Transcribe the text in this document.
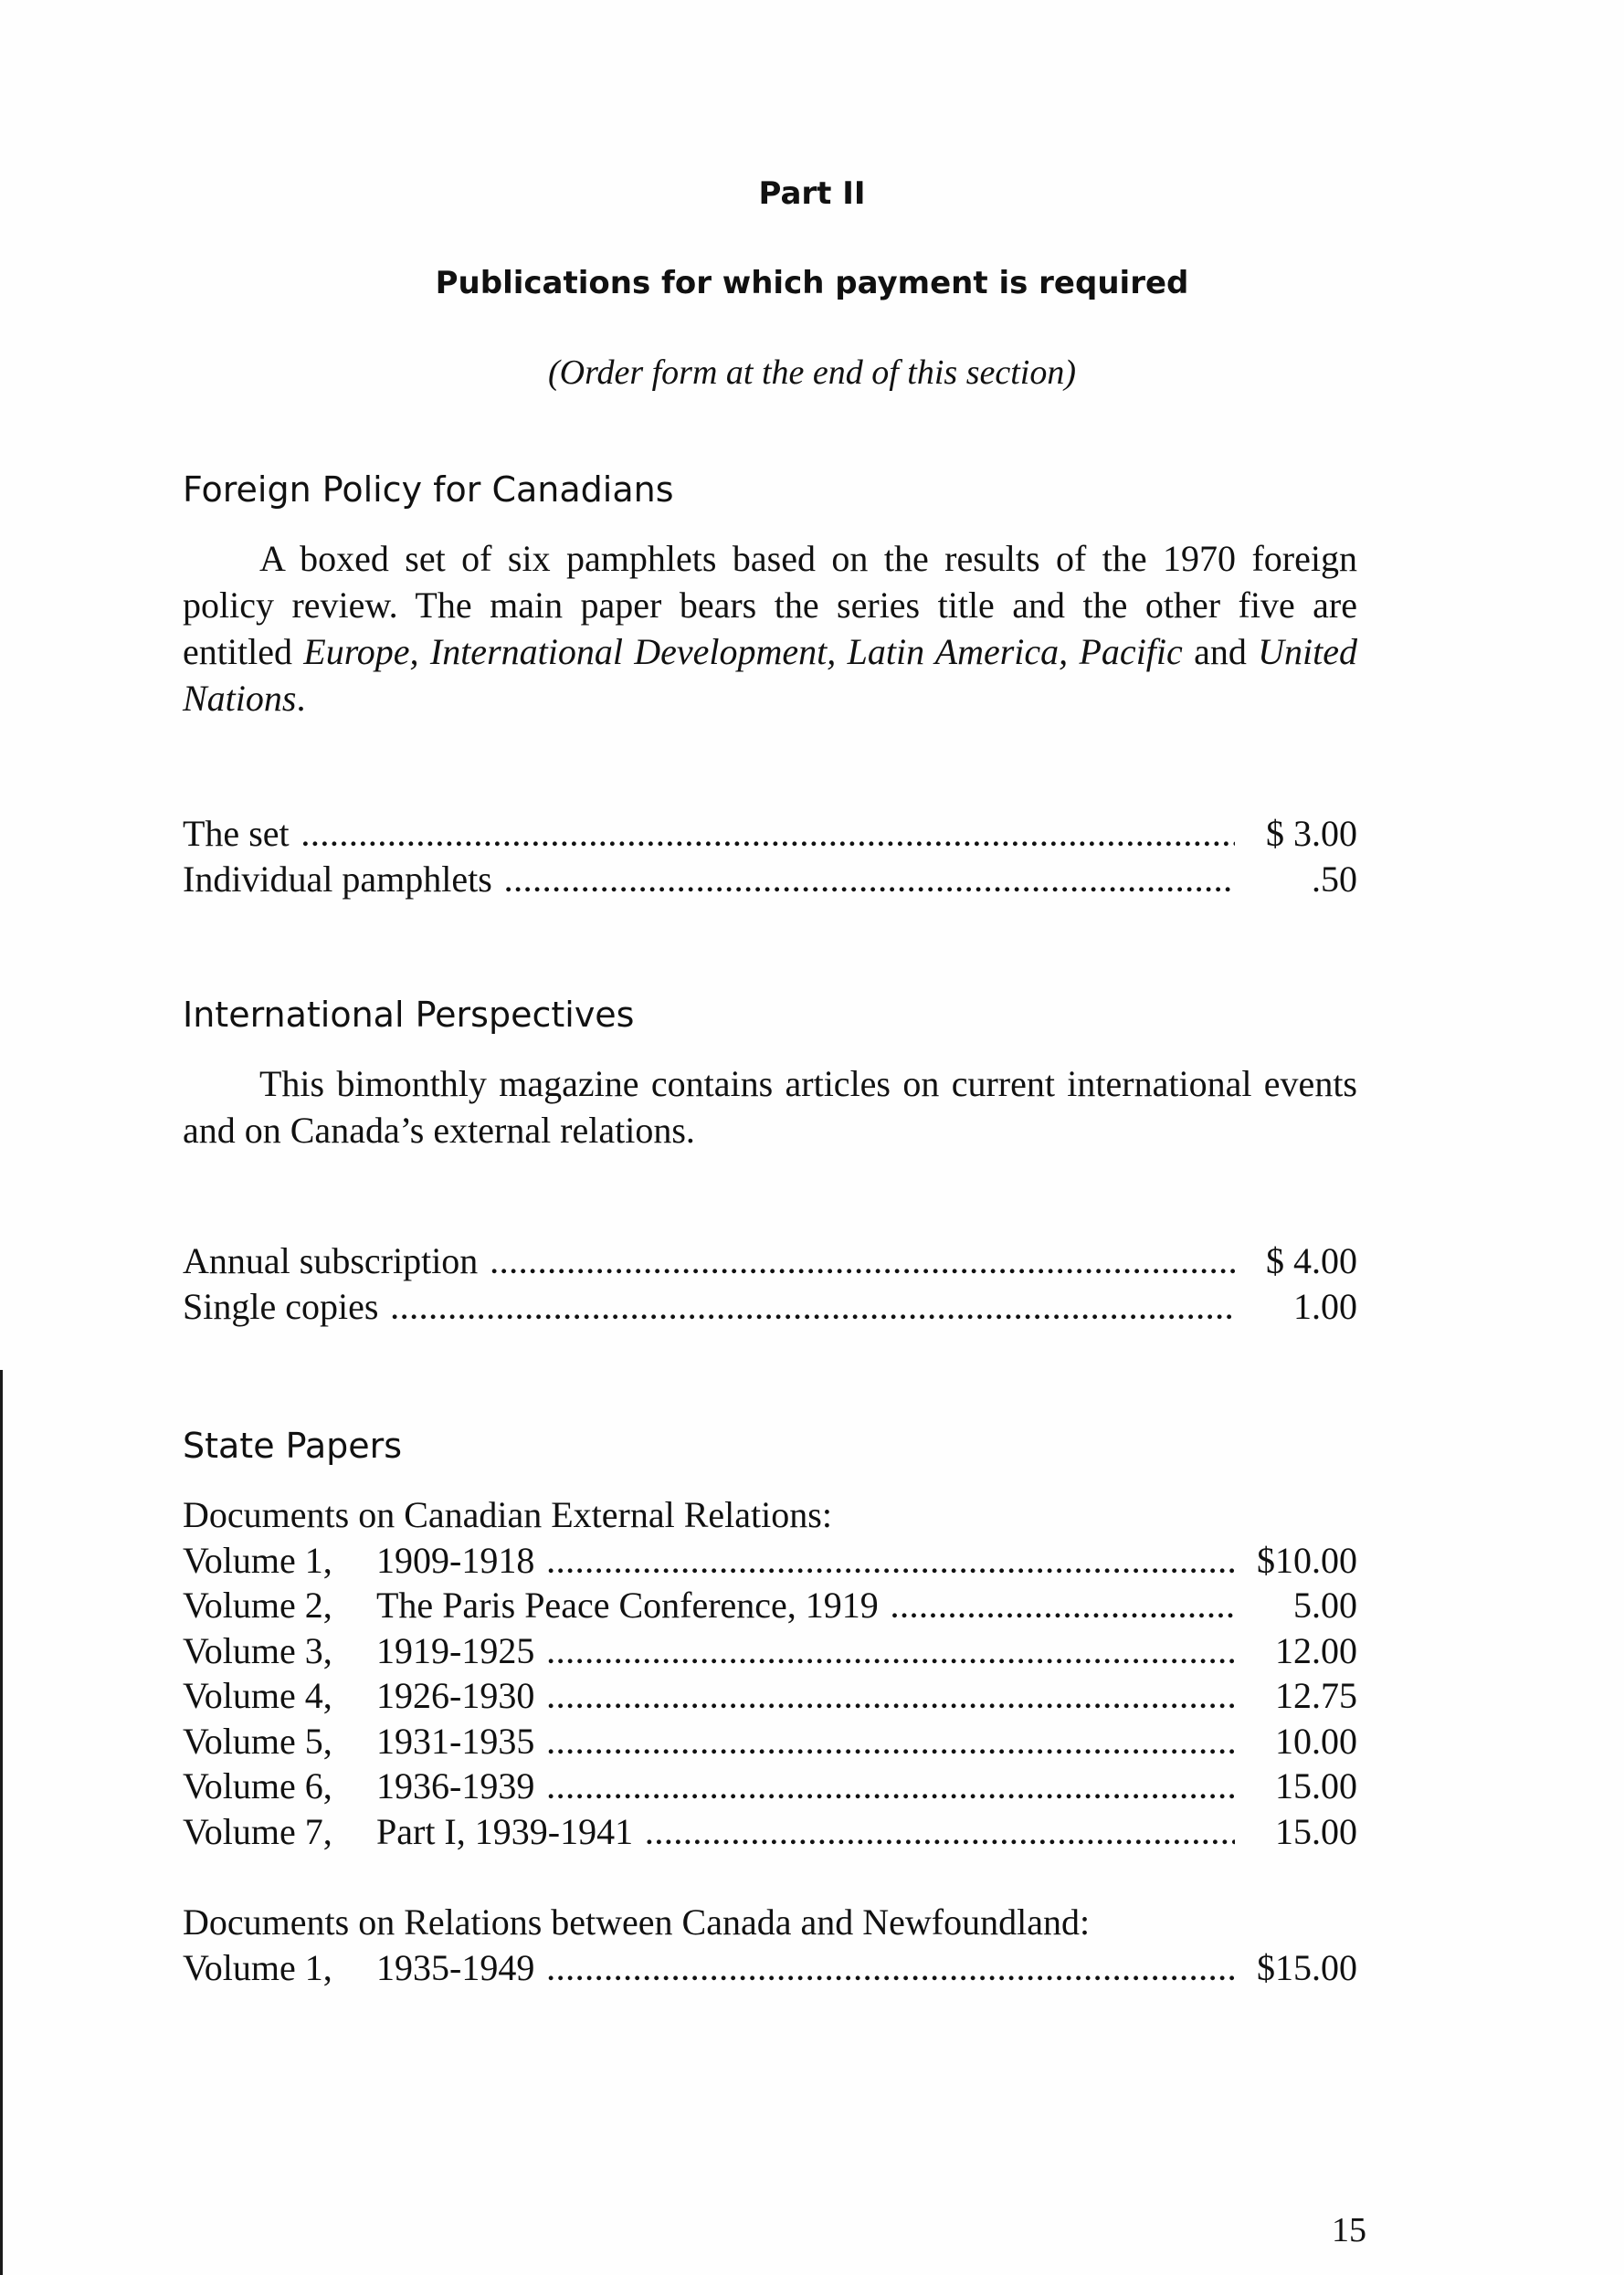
Part II
Publications for which payment is required
(Order form at the end of this section)
Foreign Policy for Canadians
A boxed set of six pamphlets based on the results of the 1970 foreign policy review. The main paper bears the series title and the other five are entitled Europe, International Development, Latin America, Pacific and United Nations.
The set .....	$ 3.00
Individual pamphlets .....	.50
International Perspectives
This bimonthly magazine contains articles on current international events and on Canada’s external relations.
Annual subscription .....	$ 4.00
Single copies .....	1.00
State Papers
Documents on Canadian External Relations:
Volume 1, 1909-1918 .....	$10.00
Volume 2, The Paris Peace Conference, 1919 .....	5.00
Volume 3, 1919-1925 .....	12.00
Volume 4, 1926-1930 .....	12.75
Volume 5, 1931-1935 .....	10.00
Volume 6, 1936-1939 .....	15.00
Volume 7, Part I, 1939-1941 .....	15.00
Documents on Relations between Canada and Newfoundland:
Volume 1, 1935-1949 .....	$15.00
15
